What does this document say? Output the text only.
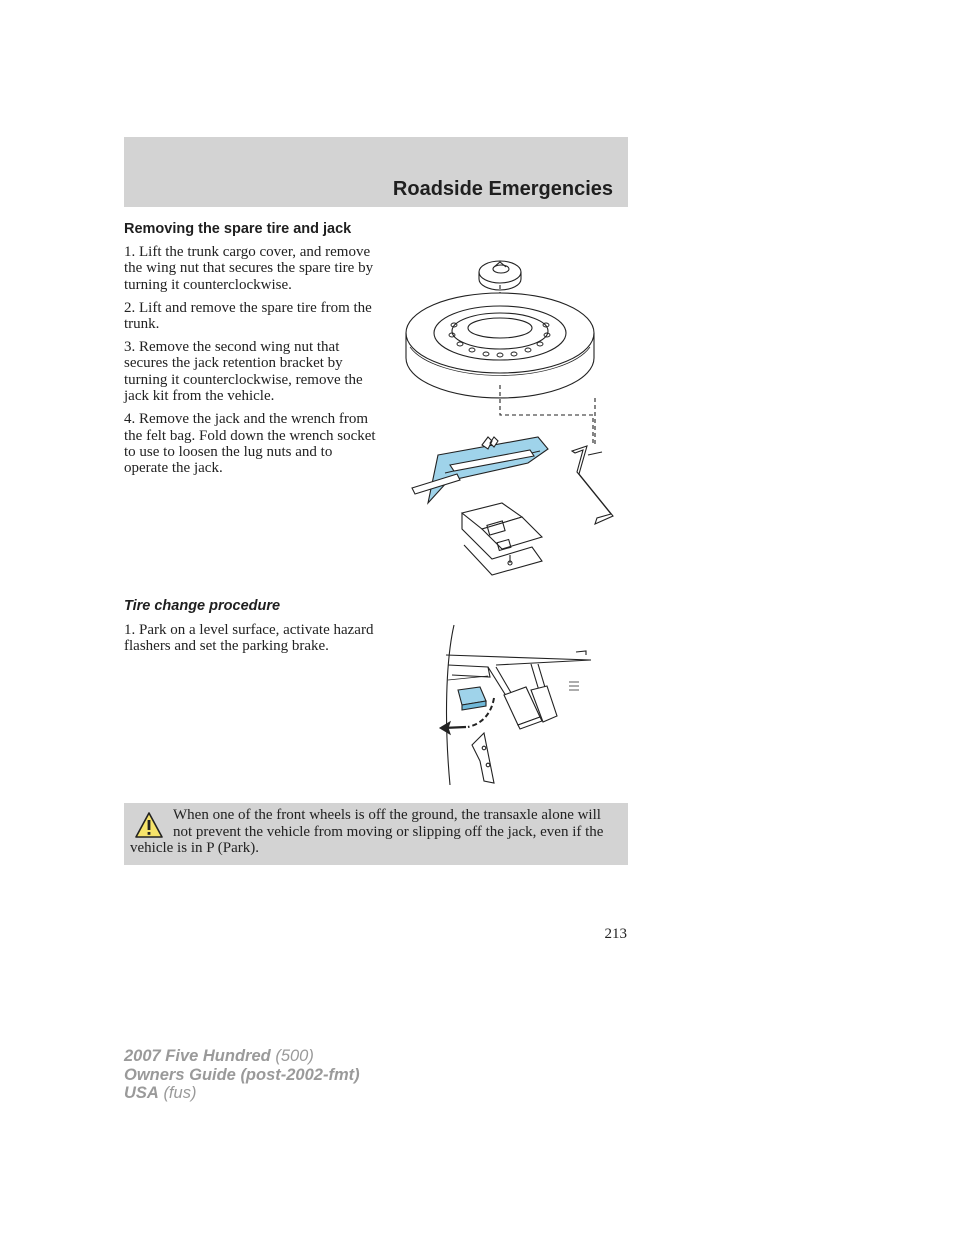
Roadside Emergencies
Removing the spare tire and jack

1. Lift the trunk cargo cover, and remove the wing nut that secures the spare tire by turning it counterclockwise.

2. Lift and remove the spare tire from the trunk.

3. Remove the second wing nut that secures the jack retention bracket by turning it counterclockwise, remove the jack kit from the vehicle.

4. Remove the jack and the wrench from the felt bag. Fold down the wrench socket to use to loosen the lug nuts and to operate the jack.

Tire change procedure

1. Park on a level surface, activate hazard flashers and set the parking brake.

When one of the front wheels is off the ground, the transaxle alone will not prevent the vehicle from moving or slipping off the jack, even if the vehicle is in P (Park).
213
2007 Five Hundred (500)
Owners Guide (post-2002-fmt)
USA (fus)
